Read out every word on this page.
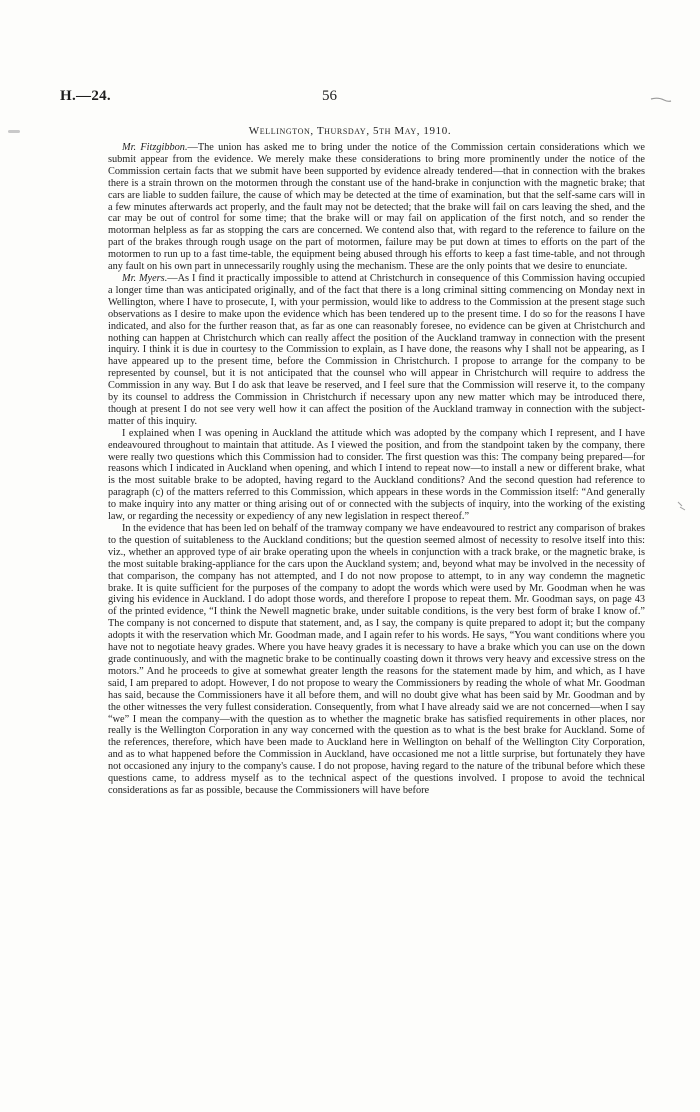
H.—24.	56
Wellington, Thursday, 5th May, 1910.

Mr. Fitzgibbon.—The union has asked me to bring under the notice of the Commission certain considerations which we submit appear from the evidence. We merely make these considerations to bring more prominently under the notice of the Commission certain facts that we submit have been supported by evidence already tendered—that in connection with the brakes there is a strain thrown on the motormen through the constant use of the hand-brake in conjunction with the magnetic brake; that cars are liable to sudden failure, the cause of which may be detected at the time of examination, but that the self-same cars will in a few minutes afterwards act properly, and the fault may not be detected; that the brake will fail on cars leaving the shed, and the car may be out of control for some time; that the brake will or may fail on application of the first notch, and so render the motorman helpless as far as stopping the cars are concerned. We contend also that, with regard to the reference to failure on the part of the brakes through rough usage on the part of motormen, failure may be put down at times to efforts on the part of the motormen to run up to a fast time-table, the equipment being abused through his efforts to keep a fast time-table, and not through any fault on his own part in unnecessarily roughly using the mechanism. These are the only points that we desire to enunciate.

Mr. Myers.—As I find it practically impossible to attend at Christchurch in consequence of this Commission having occupied a longer time than was anticipated originally, and of the fact that there is a long criminal sitting commencing on Monday next in Wellington, where I have to prosecute, I, with your permission, would like to address to the Commission at the present stage such observations as I desire to make upon the evidence which has been tendered up to the present time. I do so for the reasons I have indicated, and also for the further reason that, as far as one can reasonably foresee, no evidence can be given at Christchurch and nothing can happen at Christchurch which can really affect the position of the Auckland tramway in connection with the present inquiry. I think it is due in courtesy to the Commission to explain, as I have done, the reasons why I shall not be appearing, as I have appeared up to the present time, before the Commission in Christchurch. I propose to arrange for the company to be represented by counsel, but it is not anticipated that the counsel who will appear in Christchurch will require to address the Commission in any way. But I do ask that leave be reserved, and I feel sure that the Commission will reserve it, to the company by its counsel to address the Commission in Christchurch if necessary upon any new matter which may be introduced there, though at present I do not see very well how it can affect the position of the Auckland tramway in connection with the subject-matter of this inquiry.

I explained when I was opening in Auckland the attitude which was adopted by the company which I represent, and I have endeavoured throughout to maintain that attitude. As I viewed the position, and from the standpoint taken by the company, there were really two questions which this Commission had to consider. The first question was this: The company being prepared—for reasons which I indicated in Auckland when opening, and which I intend to repeat now—to install a new or different brake, what is the most suitable brake to be adopted, having regard to the Auckland conditions? And the second question had reference to paragraph (c) of the matters referred to this Commission, which appears in these words in the Commission itself: “And generally to make inquiry into any matter or thing arising out of or connected with the subjects of inquiry, into the working of the existing law, or regarding the necessity or expediency of any new legislation in respect thereof.”

In the evidence that has been led on behalf of the tramway company we have endeavoured to restrict any comparison of brakes to the question of suitableness to the Auckland conditions; but the question seemed almost of necessity to resolve itself into this: viz., whether an approved type of air brake operating upon the wheels in conjunction with a track brake, or the magnetic brake, is the most suitable braking-appliance for the cars upon the Auckland system; and, beyond what may be involved in the necessity of that comparison, the company has not attempted, and I do not now propose to attempt, to in any way condemn the magnetic brake. It is quite sufficient for the purposes of the company to adopt the words which were used by Mr. Goodman when he was giving his evidence in Auckland. I do adopt those words, and therefore I propose to repeat them. Mr. Goodman says, on page 43 of the printed evidence, “I think the Newell magnetic brake, under suitable conditions, is the very best form of brake I know of.” The company is not concerned to dispute that statement, and, as I say, the company is quite prepared to adopt it; but the company adopts it with the reservation which Mr. Goodman made, and I again refer to his words. He says, “You want conditions where you have not to negotiate heavy grades. Where you have heavy grades it is necessary to have a brake which you can use on the down grade continuously, and with the magnetic brake to be continually coasting down it throws very heavy and excessive stress on the motors.” And he proceeds to give at somewhat greater length the reasons for the statement made by him, and which, as I have said, I am prepared to adopt. However, I do not propose to weary the Commissioners by reading the whole of what Mr. Goodman has said, because the Commissioners have it all before them, and will no doubt give what has been said by Mr. Goodman and by the other witnesses the very fullest consideration. Consequently, from what I have already said we are not concerned—when I say “we” I mean the company—with the question as to whether the magnetic brake has satisfied requirements in other places, nor really is the Wellington Corporation in any way concerned with the question as to what is the best brake for Auckland. Some of the references, therefore, which have been made to Auckland here in Wellington on behalf of the Wellington City Corporation, and as to what happened before the Commission in Auckland, have occasioned me not a little surprise, but fortunately they have not occasioned any injury to the company's cause. I do not propose, having regard to the nature of the tribunal before which these questions came, to address myself as to the technical aspect of the questions involved. I propose to avoid the technical considerations as far as possible, because the Commissioners will have before
